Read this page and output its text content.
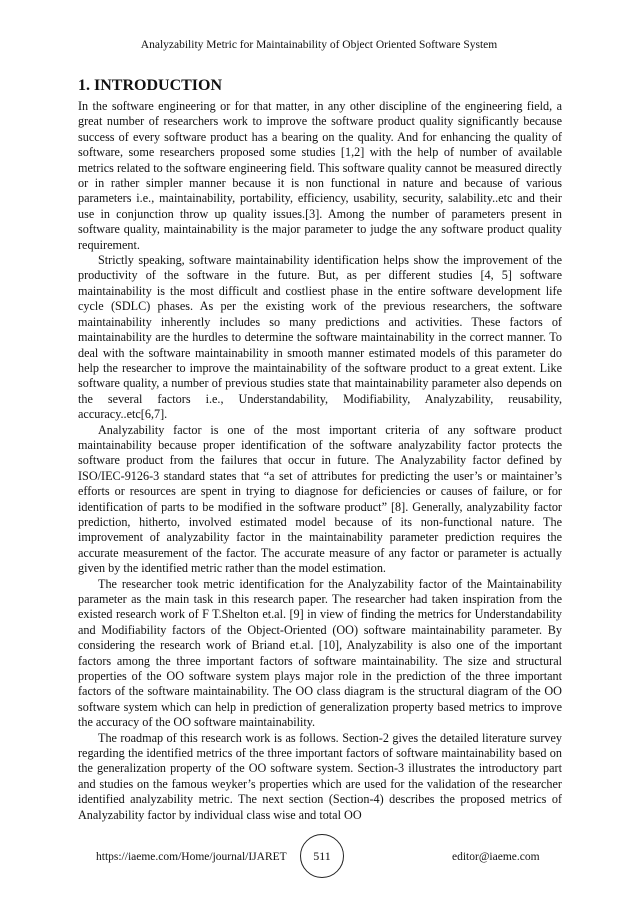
Analyzability Metric for Maintainability of Object Oriented Software System
1. INTRODUCTION

In the software engineering or for that matter, in any other discipline of the engineering field, a great number of researchers work to improve the software product quality significantly because success of every software product has a bearing on the quality. And for enhancing the quality of software, some researchers proposed some studies [1,2] with the help of number of available metrics related to the software engineering field. This software quality cannot be measured directly or in rather simpler manner because it is non functional in nature and because of various parameters i.e., maintainability, portability, efficiency, usability, security, salability..etc and their use in conjunction throw up quality issues.[3]. Among the number of parameters present in software quality, maintainability is the major parameter to judge the any software product quality requirement.

Strictly speaking, software maintainability identification helps show the improvement of the productivity of the software in the future. But, as per different studies [4, 5] software maintainability is the most difficult and costliest phase in the entire software development life cycle (SDLC) phases. As per the existing work of the previous researchers, the software maintainability inherently includes so many predictions and activities. These factors of maintainability are the hurdles to determine the software maintainability in the correct manner. To deal with the software maintainability in smooth manner estimated models of this parameter do help the researcher to improve the maintainability of the software product to a great extent. Like software quality, a number of previous studies state that maintainability parameter also depends on the several factors i.e., Understandability, Modifiability, Analyzability, reusability, accuracy..etc[6,7].

Analyzability factor is one of the most important criteria of any software product maintainability because proper identification of the software analyzability factor protects the software product from the failures that occur in future. The Analyzability factor defined by ISO/IEC-9126-3 standard states that “a set of attributes for predicting the user’s or maintainer’s efforts or resources are spent in trying to diagnose for deficiencies or causes of failure, or for identification of parts to be modified in the software product” [8]. Generally, analyzability factor prediction, hitherto, involved estimated model because of its non-functional nature. The improvement of analyzability factor in the maintainability parameter prediction requires the accurate measurement of the factor. The accurate measure of any factor or parameter is actually given by the identified metric rather than the model estimation.

The researcher took metric identification for the Analyzability factor of the Maintainability parameter as the main task in this research paper. The researcher had taken inspiration from the existed research work of F T.Shelton et.al. [9] in view of finding the metrics for Understandability and Modifiability factors of the Object-Oriented (OO) software maintainability parameter. By considering the research work of Briand et.al. [10], Analyzability is also one of the important factors among the three important factors of software maintainability. The size and structural properties of the OO software system plays major role in the prediction of the three important factors of the software maintainability. The OO class diagram is the structural diagram of the OO software system which can help in prediction of generalization property based metrics to improve the accuracy of the OO software maintainability.

The roadmap of this research work is as follows. Section-2 gives the detailed literature survey regarding the identified metrics of the three important factors of software maintainability based on the generalization property of the OO software system. Section-3 illustrates the introductory part and studies on the famous weyker’s properties which are used for the validation of the researcher identified analyzability metric. The next section (Section-4) describes the proposed metrics of Analyzability factor by individual class wise and total OO

https://iaeme.com/Home/journal/IJARET	511	editor@iaeme.com
